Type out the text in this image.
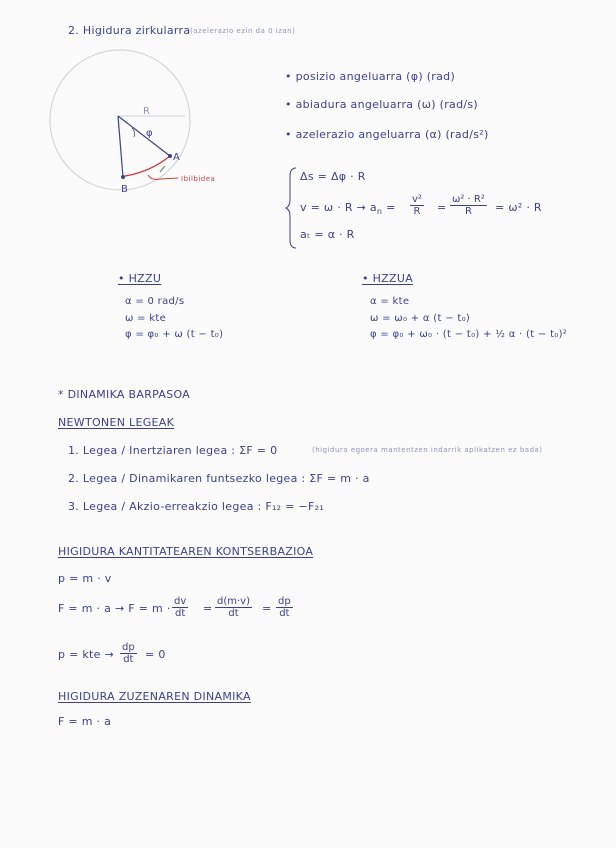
2. Higidura zirkularra (azelerazio ezin da 0 izan)
R
φ
A
B
Ibilbidea
• posizio angeluarra (φ) (rad)
• abiadura angeluarra (ω) (rad/s)
• azelerazio angeluarra (α) (rad/s²)
Δs = Δφ · R
$v = \omega \cdot R \to a_n = \frac{\text{v²}}{R} = \frac{\text{ω² · R²}}{R} = \omega^2 \cdot R$
aₜ = α · R
• HZZU
α = 0 rad/s
ω = kte
φ = φ₀ + ω (t − t₀)
• HZZUA
α = kte
ω = ω₀ + α (t − t₀)
φ = φ₀ + ω₀ · (t − t₀) + ½ α · (t − t₀)²
* DINAMIKA BARPASOA
NEWTONEN LEGEAK
1. Legea / Inertziaren legea : ΣF = 0	(higidura egoera mantentzen indarrik aplikatzen ez bada)
2. Legea / Dinamikaren funtsezko legea : ΣF = m · a
3. Legea / Akzio-erreakzio legea : F₁₂ = −F₂₁
HIGIDURA KANTITATEAREN KONTSERBAZIOA
p = m · v
$F = m \cdot a \to F = m \cdot \frac{dv}{dt} = \frac{d(m\cdot v)}{dt} = \frac{dp}{dt}$
p = kte → $\frac{dp}{dt} = 0$
HIGIDURA ZUZENAREN DINAMIKA
F = m · a
